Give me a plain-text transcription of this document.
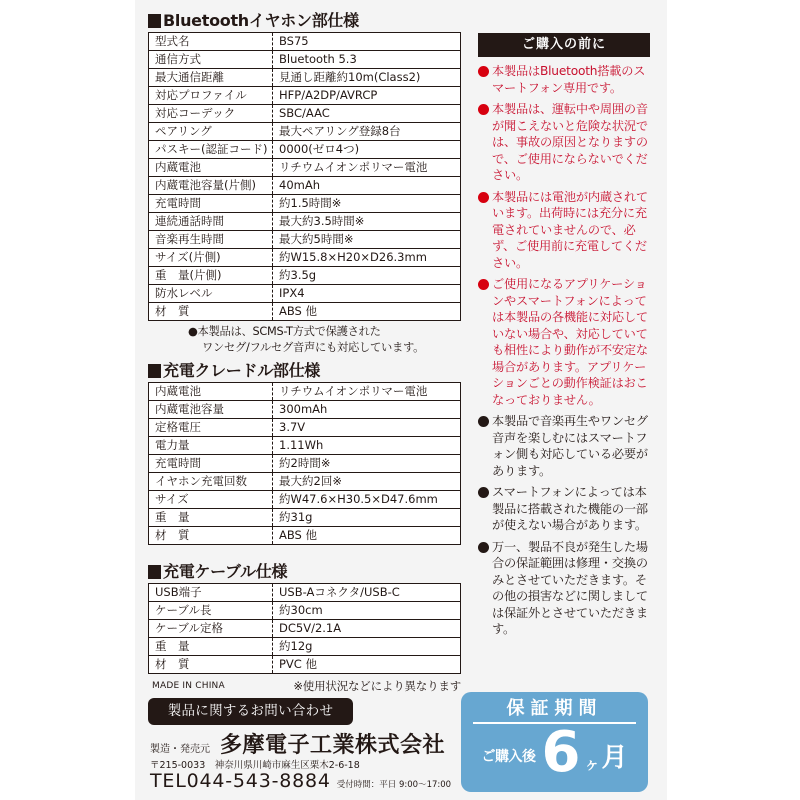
Bluetoothイヤホン部仕様
型式名	BS75
通信方式	Bluetooth 5.3
最大通信距離	見通し距離約10m(Class2)
対応プロファイル	HFP/A2DP/AVRCP
対応コーデック	SBC/AAC
ペアリング	最大ペアリング登録8台
パスキー(認証コード)	0000(ゼロ4つ)
内蔵電池	リチウムイオンポリマー電池
内蔵電池容量(片側)	40mAh
充電時間	約1.5時間※
連続通話時間	最大約3.5時間※
音楽再生時間	最大約5時間※
サイズ(片側)	約W15.8×H20×D26.3mm
重　量(片側)	約3.5g
防水レベル	IPX4
材　質	ABS 他
●本製品は、SCMS-T方式で保護された
ワンセグ/フルセグ音声にも対応しています。
充電クレードル部仕様
内蔵電池	リチウムイオンポリマー電池
内蔵電池容量	300mAh
定格電圧	3.7V
電力量	1.11Wh
充電時間	約2時間※
イヤホン充電回数	最大約2回※
サイズ	約W47.6×H30.5×D47.6mm
重　量	約31g
材　質	ABS 他
充電ケーブル仕様
USB端子	USB-Aコネクタ/USB-C
ケーブル長	約30cm
ケーブル定格	DC5V/2.1A
重　量	約12g
材　質	PVC 他
MADE IN CHINA	※使用状況などにより異なります
ご購入の前に
本製品はBluetooth搭載のスマートフォン専用です。
本製品は、運転中や周囲の音が聞こえないと危険な状況では、事故の原因となりますので、ご使用にならないでください。
本製品には電池が内蔵されています。出荷時には充分に充電されていませんので、必ず、ご使用前に充電してください。
ご使用になるアプリケーションやスマートフォンによっては本製品の各機能に対応していない場合や、対応していても相性により動作が不安定な場合があります。アプリケーションごとの動作検証はおこなっておりません。
本製品で音楽再生やワンセグ音声を楽しむにはスマートフォン側も対応している必要があります。
スマートフォンによっては本製品に搭載された機能の一部が使えない場合があります。
万一、製品不良が発生した場合の保証範囲は修理・交換のみとさせていただきます。その他の損害などに関しましては保証外とさせていただきます。
製品に関するお問い合わせ
製造・発売元 多摩電子工業株式会社
〒215-0033　神奈川県川崎市麻生区栗木2-6-18
TEL044-543-8884 受付時間：平日 9:00～17:00
保証期間
ご購入後 6 ヶ 月
